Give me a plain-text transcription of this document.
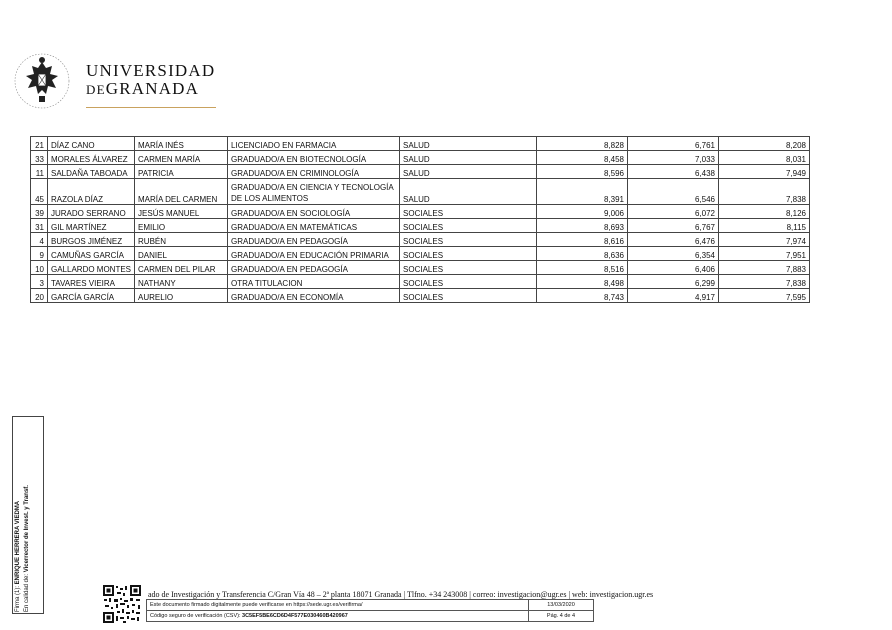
UNIVERSIDAD
DEGRANADA
21	DÍAZ CANO	MARÍA INÉS	LICENCIADO EN FARMACIA	SALUD	8,828	6,761	8,208
33	MORALES ÁLVAREZ	CARMEN MARÍA	GRADUADO/A EN BIOTECNOLOGÍA	SALUD	8,458	7,033	8,031
11	SALDAÑA TABOADA	PATRICIA	GRADUADO/A EN CRIMINOLOGÍA	SALUD	8,596	6,438	7,949
45	RAZOLA DÍAZ	MARÍA DEL CARMEN	GRADUADO/A EN CIENCIA Y TECNOLOGÍA DE LOS ALIMENTOS	SALUD	8,391	6,546	7,838
39	JURADO SERRANO	JESÚS MANUEL	GRADUADO/A EN SOCIOLOGÍA	SOCIALES	9,006	6,072	8,126
31	GIL MARTÍNEZ	EMILIO	GRADUADO/A EN MATEMÁTICAS	SOCIALES	8,693	6,767	8,115
4	BURGOS JIMÉNEZ	RUBÉN	GRADUADO/A EN PEDAGOGÍA	SOCIALES	8,616	6,476	7,974
9	CAMUÑAS GARCÍA	DANIEL	GRADUADO/A EN EDUCACIÓN PRIMARIA	SOCIALES	8,636	6,354	7,951
10	GALLARDO MONTES	CARMEN DEL PILAR	GRADUADO/A EN PEDAGOGÍA	SOCIALES	8,516	6,406	7,883
3	TAVARES VIEIRA	NATHANY	OTRA TITULACION	SOCIALES	8,498	6,299	7,838
20	GARCÍA GARCÍA	AURELIO	GRADUADO/A EN ECONOMÍA	SOCIALES	8,743	4,917	7,595
Firma (1): ENRIQUE HERRERA VIEDMA
En calidad de: Vicerrector de Invest. y Transf.
ado de Investigación y Transferencia C/Gran Vía 48 – 2ª planta 18071 Granada | Tlfno. +34 243008 | correo: investigacion@ugr.es | web: investigacion.ugr.es
Este documento firmado digitalmente puede verificarse en https://sede.ugr.es/verifirma/	13/03/2020
Código seguro de verificación (CSV): 3C5EF5BE6CD6D4F577E030460B420967	Pág. 4 de 4
